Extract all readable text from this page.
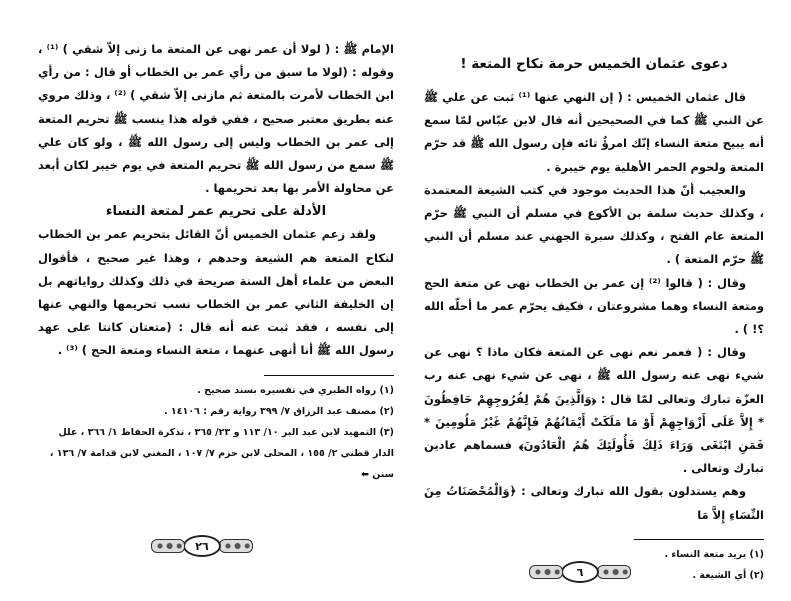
الإمام ﷺ : ( لولا أن عمر نهى عن المتعة ما زنى إلاّ شقي ) ⁽¹⁾ ، وقوله : (لولا ما سبق من رأي عمر بن الخطاب أو قال : من رأي ابن الخطاب لأمرت بالمتعة ثم مازنى إلاّ شقي ) ⁽²⁾ ، وذلك مروي عنه بطريق معتبر صحيح ، ففي قوله هذا ينسب ﷺ تحريم المتعة إلى عمر بن الخطاب وليس إلى رسول الله ﷺ ، ولو كان علي ﷺ سمع من رسول الله ﷺ تحريم المتعة في يوم خيبر لكان أبعد عن محاولة الأمر بها بعد تحريمها .

الأدلة على تحريم عمر لمتعة النساء

ولقد زعم عثمان الخميس أنّ القائل بتحريم عمر بن الخطاب لنكاح المتعة هم الشيعة وحدهم ، وهذا غير صحيح ، فأقوال البعض من علماء أهل السنة صريحة في ذلك وكذلك رواياتهم بل إن الخليفة الثاني عمر بن الخطاب نسب تحريمها والنهي عنها إلى نفسه ، فقد ثبت عنه أنه قال : (متعتان كانتا على عهد رسول الله ﷺ أنا أنهى عنهما ، متعة النساء ومتعة الحج ) ⁽³⁾ .

(١) رواه الطبري في تفسيره بسند صحيح .

(٢) مصنف عبد الرزاق ٧/ ٣٩٩ رواية رقم : ١٤١٠٦ .

(٣) التمهيد لابن عبد البر ١٠/ ١١٣ و ٢٣/ ٣٦٥ ، تذكرة الحفاظ ١/ ٣٦٦ ، علل الدار قطني ٢/ ١٥٥ ، المحلى لابن حزم ٧/ ١٠٧ ، المغني لابن قدامة ٧/ ١٣٦ ، سنن ⬅

٢٦
دعوى عثمان الخميس حرمة نكاح المتعة !

قال عثمان الخميس : ( إن النهي عنها ⁽¹⁾ ثبت عن علي ﷺ عن النبي ﷺ كما في الصحيحين أنه قال لابن عبّاس لمّا سمع أنه يبيح متعة النساء إنّك امرؤٌ تائه فإن رسول الله ﷺ قد حرّم المتعة ولحوم الحمر الأهلية يوم خيبرة .

والعجيب أنّ هذا الحديث موجود في كتب الشيعة المعتمدة ، وكذلك حديث سلمة بن الأكوع في مسلم أن النبي ﷺ حرّم المتعة عام الفتح ، وكذلك سبرة الجهني عند مسلم أن النبي ﷺ حرّم المتعة ) .

وقال : ( قالوا ⁽²⁾ إن عمر بن الخطاب نهى عن متعة الحج ومتعة النساء وهما مشروعتان ، فكيف يحرّم عمر ما أحلّه الله ؟! ) .

وقال : ( فعمر نعم نهى عن المتعة فكان ماذا ؟ نهى عن شيء نهى عنه رسول الله ﷺ ، نهى عن شيء نهى عنه رب العزّة تبارك وتعالى لمّا قال : ﴿وَالَّذِينَ هُمْ لِفُرُوجِهِمْ حَافِظُونَ * إِلاَّ عَلَى أَزْوَاجِهِمْ أَوْ مَا مَلَكَتْ أَيْمَانُهُمْ فَإِنَّهُمْ غَيْرُ مَلُومِينَ * فَمَنِ ابْتَغَى وَرَاءَ ذَلِكَ فَأُولَئِكَ هُمُ الْعَادُونَ﴾ فسماهم عادين تبارك وتعالى .

وهم يستدلون بقول الله تبارك وتعالى : ﴿وَالْمُحْصَنَاتُ مِنَ النِّسَاءِ إِلاَّ مَا

(١) يريد متعة النساء .

(٢) أي الشيعة .

٦
